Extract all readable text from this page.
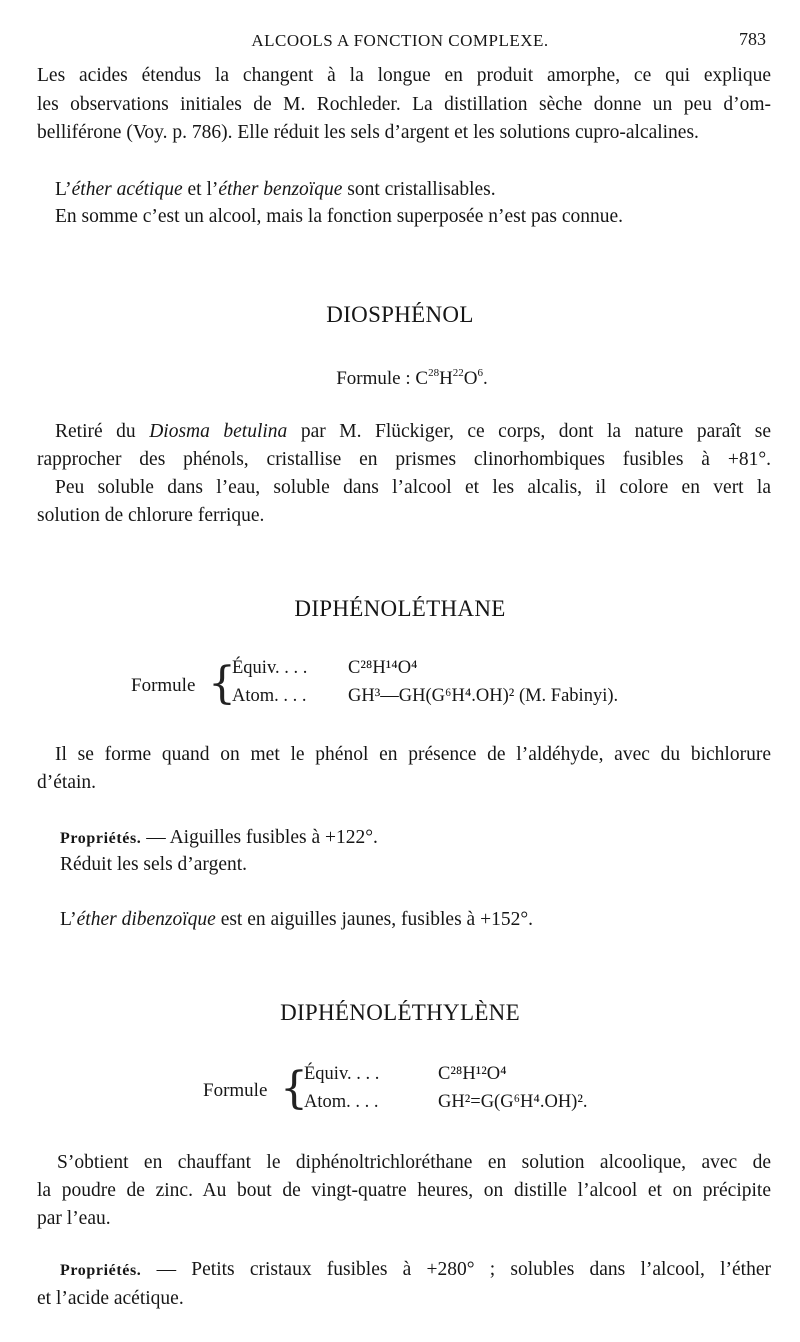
ALCOOLS A FONCTION COMPLEXE.	783
Les acides étendus la changent à la longue en produit amorphe, ce qui explique
les observations initiales de M. Rochleder. La distillation sèche donne un peu d’om-
belliférone (Voy. p. 786). Elle réduit les sels d’argent et les solutions cupro-alcalines.
L’éther acétique et l’éther benzoïque sont cristallisables.
En somme c’est un alcool, mais la fonction superposée n’est pas connue.
DIOSPHÉNOL
Formule : $C^{28}H^{22}O^6$.
Retiré du Diosma betulina par M. Flückiger, ce corps, dont la nature paraît se
rapprocher des phénols, cristallise en prismes clinorhombiques fusibles à +81°.
Peu soluble dans l’eau, soluble dans l’alcool et les alcalis, il colore en vert la
solution de chlorure ferrique.
DIPHÉNOLÉTHANE
Formule {
Équiv. . . . C²⁸H¹⁴O⁴
Atom. . . . GH³—GH(G⁶H⁴.OH)² (M. Fabinyi).
Il se forme quand on met le phénol en présence de l’aldéhyde, avec du bichlorure
d’étain.
Propriétés. — Aiguilles fusibles à +122°.
Réduit les sels d’argent.
L’éther dibenzoïque est en aiguilles jaunes, fusibles à +152°.
DIPHÉNOLÉTHYLÈNE
Formule {
Équiv. . . .	C²⁸H¹²O⁴
Atom. . . .	GH²=G(G⁶H⁴.OH)².
S’obtient en chauffant le diphénoltrichloréthane en solution alcoolique, avec de
la poudre de zinc. Au bout de vingt-quatre heures, on distille l’alcool et on précipite
par l’eau.
Propriétés. — Petits cristaux fusibles à +280° ; solubles dans l’alcool, l’éther
et l’acide acétique.
